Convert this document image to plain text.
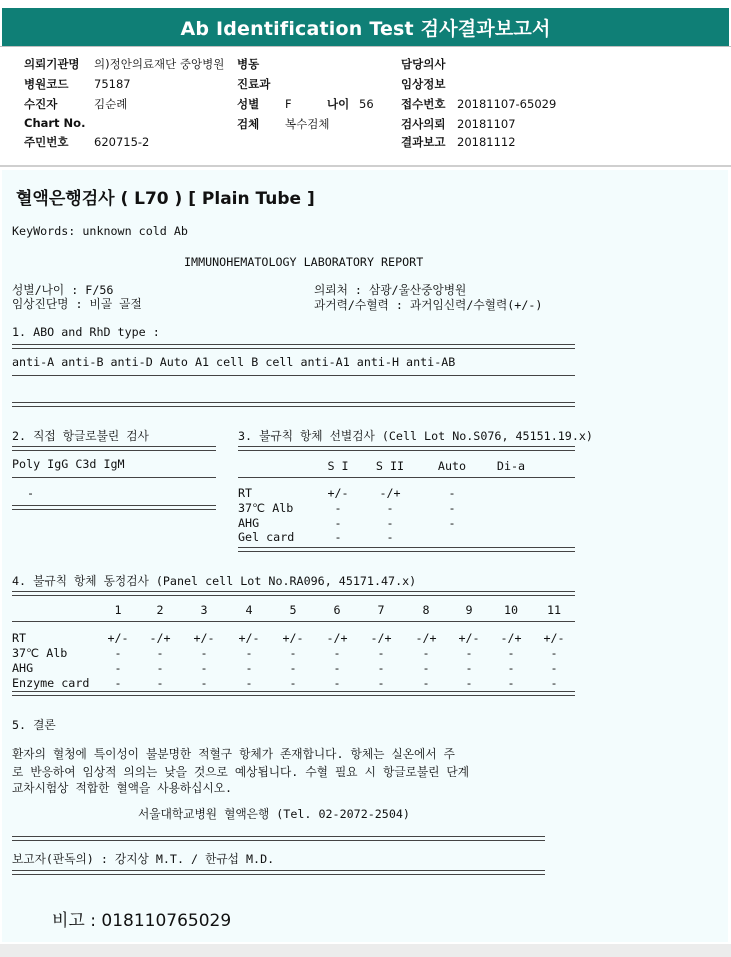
Ab Identification Test 검사결과보고서
의뢰기관명 의)정안의료재단 중앙병원 병동	담당의사
병원코드 75187	진료과	임상정보
수진자	김순례	성별 F	나이 56 접수번호 20181107-65029
Chart No.	검체 복수검체	검사의뢰 20181107
주민번호 620715-2	결과보고 20181112
혈액은행검사 ( L70 ) [ Plain Tube ]
KeyWords: unknown cold Ab
IMMUNOHEMATOLOGY LABORATORY REPORT
성별/나이 : F/56
임상진단명 : 비골 골절
의뢰처 : 삼광/울산중앙병원
과거력/수혈력 : 과거임신력/수혈력(+/-)
1. ABO and RhD type :
anti-A anti-B anti-D Auto A1 cell B cell anti-A1 anti-H anti-AB
2. 직접 항글로불린 검사
Poly IgG C3d IgM
-
3. 불규칙 항체 선별검사 (Cell Lot No.S076, 45151.19.x)
S I	S II	Auto	Di-a
RT	+/-	-/+	-
37℃ Alb	-	-	-
AHG	-	-	-
Gel card	-	-
4. 불규칙 항체 동정검사 (Panel cell Lot No.RA096, 45171.47.x)
1	2	3	4	5	6	7	8	9	10	11
RT	+/-	-/+	+/-	+/-	+/-	-/+	-/+	-/+	+/-	-/+	+/-
37℃ Alb	-	-	-	-	-	-	-	-	-	-	-
AHG	-	-	-	-	-	-	-	-	-	-	-
Enzyme card	-	-	-	-	-	-	-	-	-	-	-
5. 결론
환자의 혈청에 특이성이 불분명한 적혈구 항체가 존재합니다. 항체는 실온에서 주
로 반응하여 임상적 의의는 낮을 것으로 예상됩니다. 수혈 필요 시 항글로불린 단계
교차시험상 적합한 혈액을 사용하십시오.
서울대학교병원 혈액은행 (Tel. 02-2072-2504)
보고자(판독의) : 강지상 M.T. / 한규섭 M.D.
비고 : 018110765029
